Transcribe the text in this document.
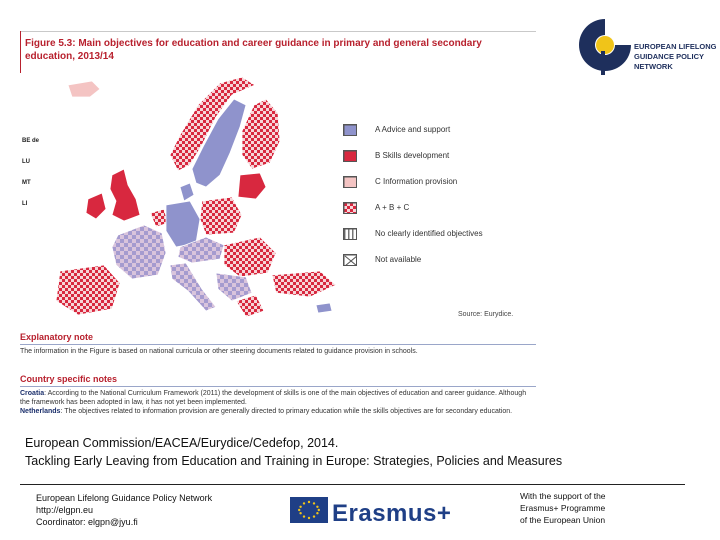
Figure 5.3: Main objectives for education and career guidance in primary and general secondary education, 2013/14
BE de
LU
MT
LI
A Advice and support
B Skills development
C Information provision
A + B + C
No clearly identified objectives
Not available
Source: Eurydice.
Explanatory note
The information in the Figure is based on national curricula or other steering documents related to guidance provision in schools.
Country specific notes
Croatia: According to the National Curriculum Framework (2011) the development of skills is one of the main objectives of education and career guidance. Although the framework has been adopted in law, it has not yet been implemented.
Netherlands: The objectives related to information provision are generally directed to primary education while the skills objectives are for secondary education.
European Commission/EACEA/Eurydice/Cedefop, 2014.
Tackling Early Leaving from Education and Training in Europe: Strategies, Policies and Measures
European Lifelong Guidance Policy Network
http://elgpn.eu
Coordinator: elgpn@jyu.fi	Erasmus+
With the support of the
Erasmus+ Programme
of the European Union
EUROPEAN LIFELONG
GUIDANCE POLICY
NETWORK
